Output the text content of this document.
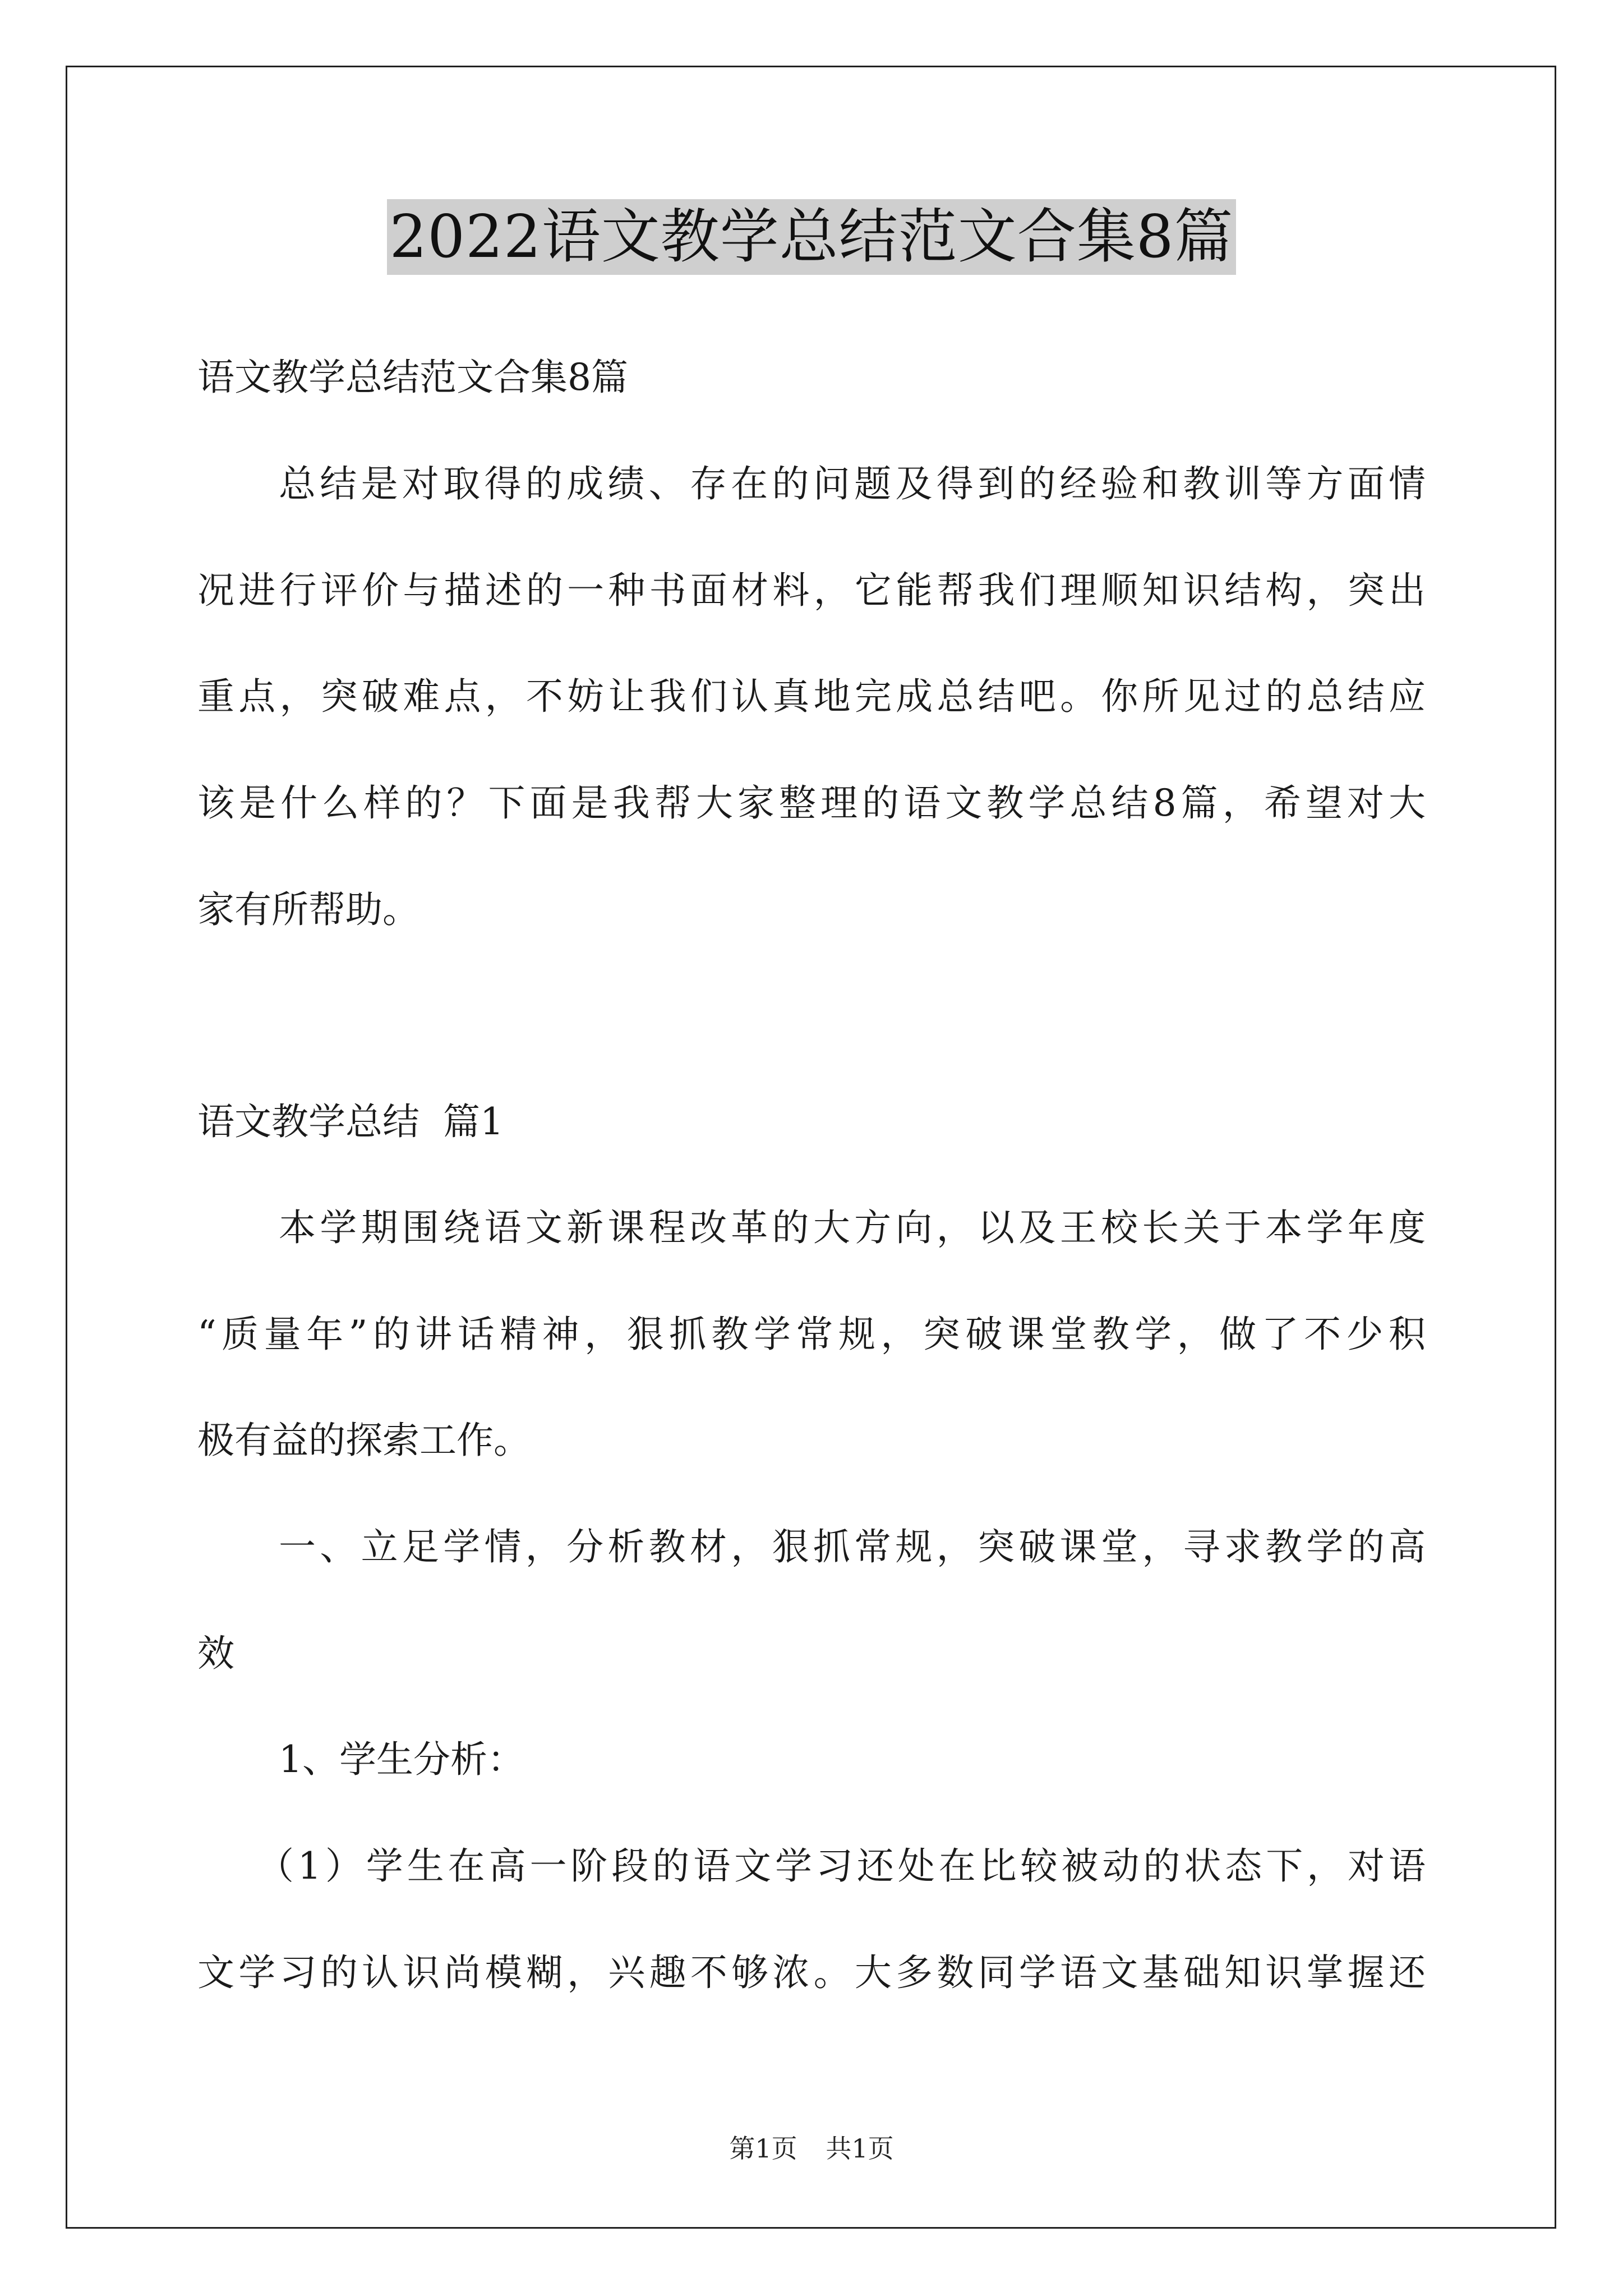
2022语文教学总结范文合集8篇
语文教学总结范文合集8篇
总结是对取得的成绩、存在的问题及得到的经验和教训等方面情
况进行评价与描述的一种书面材料，它能帮我们理顺知识结构，突出
重点，突破难点，不妨让我们认真地完成总结吧。你所见过的总结应
该是什么样的？下面是我帮大家整理的语文教学总结8篇，希望对大
家有所帮助。
语文教学总结  篇1
本学期围绕语文新课程改革的大方向，以及王校长关于本学年度
“质量年”的讲话精神，狠抓教学常规，突破课堂教学，做了不少积
极有益的探索工作。
一、立足学情，分析教材，狠抓常规，突破课堂，寻求教学的高
效
1、学生分析：
（1）学生在高一阶段的语文学习还处在比较被动的状态下，对语
文学习的认识尚模糊，兴趣不够浓。大多数同学语文基础知识掌握还
第1页 共1页
